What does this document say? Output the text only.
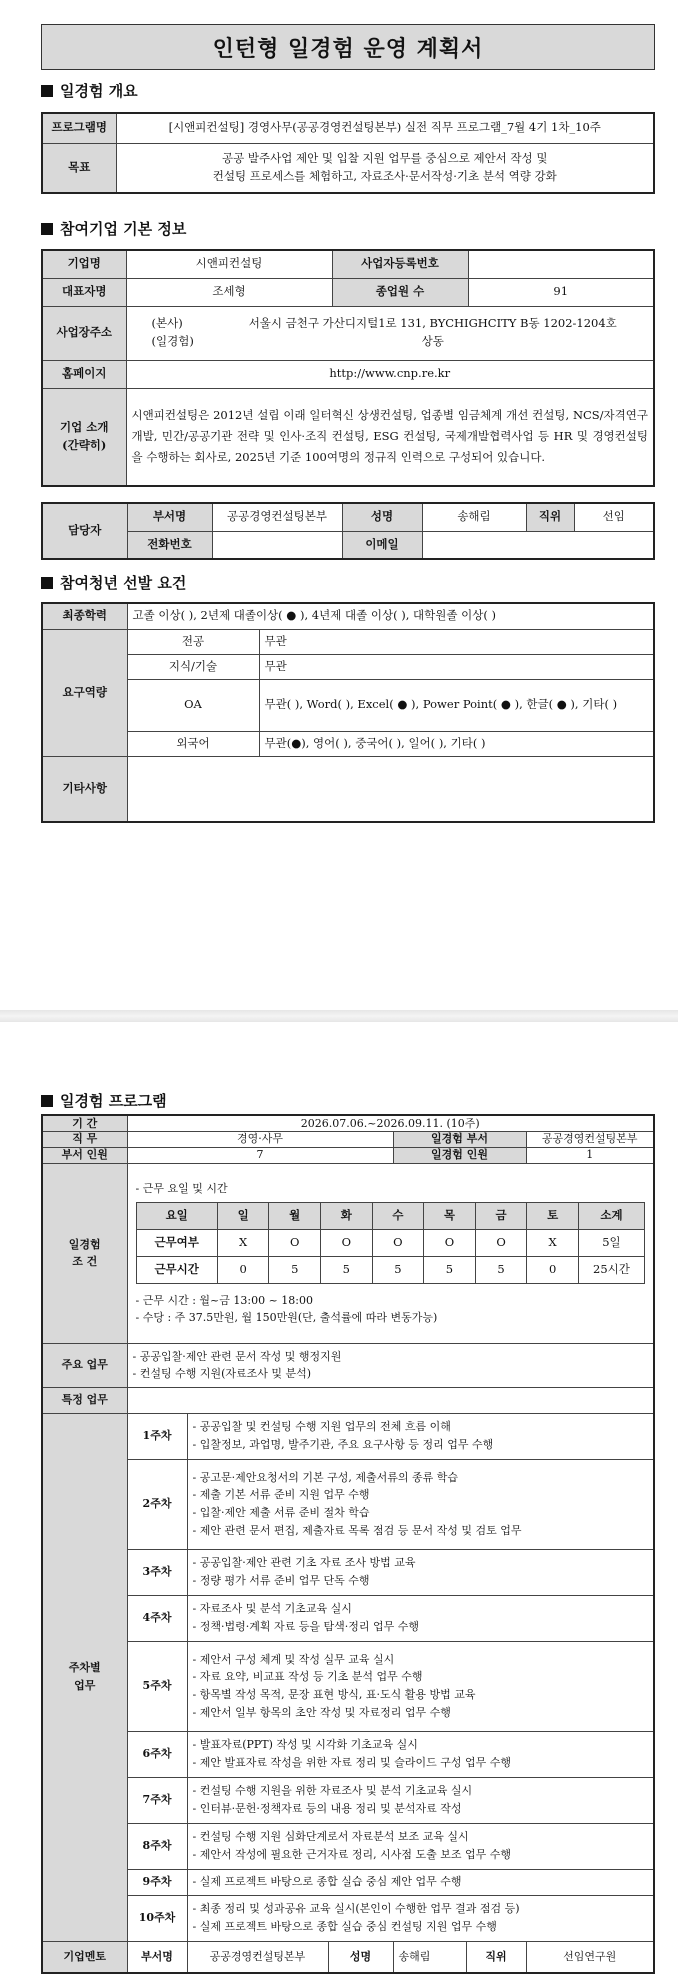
인턴형 일경험 운영 계획서
일경험 개요
프로그램명	[시앤피컨설팅] 경영사무(공공경영컨설팅본부) 실전 직무 프로그램_7월 4기 1차_10주
목표	공공 발주사업 제안 및 입찰 지원 업무를 중심으로 제안서 작성 및
컨설팅 프로세스를 체험하고, 자료조사·문서작성·기초 분석 역량 강화
참여기업 기본 정보
기업명	시앤피컨설팅	사업자등록번호	
대표자명	조세형	종업원 수	91
사업장주소	(본사) 서울시 금천구 가산디지털1로 131, BYCHIGHCITY B동 1202-1204호
(일경험) 상동		

홈페이지	http://www.cnp.re.kr		

기업 소개
(간략히)	시앤피컨설팅은 2012년 설립 이래 일터혁신 상생컨설팅, 업종별 임금체계 개선 컨설팅, NCS/자격연구개발, 민간/공공기관 전략 및 인사·조직 컨설팅, ESG 컨설팅, 국제개발협력사업 등 HR 및 경영컨설팅을 수행하는 회사로, 2025년 기준 100여명의 정규직 인력으로 구성되어 있습니다.		
담당자	부서명	공공경영컨설팅본부	성명	송해림	직위	선임
	전화번호		이메일			
참여청년 선발 요건
최종학력	고졸 이상( ), 2년제 대졸이상( ● ), 4년제 대졸 이상( ), 대학원졸 이상( )	
요구역량	전공	무관
	지식/기술	무관
	OA	무관( ), Word( ), Excel( ● ), Power Point( ● ), 한글( ● ), 기타( )
	외국어	무관(●), 영어( ), 중국어( ), 일어( ), 기타( )
기타사항		
일경험 프로그램
기 간	2026.07.06.~2026.09.11. (10주)
직 무	경영·사무	일경험 부서	공공경영컨설팅본부
부서 인원	7	일경험 인원	1

일경험
조 건

- 근무 요일 및 시간
요일	일	월	화	수	목	금	토	소계
근무여부	X	O	O	O	O	O	X	5일
근무시간	0	5	5	5	5	5	0	25시간
- 근무 시간 : 월~금 13:00 ~ 18:00
- 수당 : 주 37.5만원, 월 150만원(단, 출석률에 따라 변동가능)

주요 업무	
- 공공입찰·제안 관련 문서 작성 및 행정지원
- 컨설팅 수행 지원(자료조사 및 분석)

특정 업무	

주차별
업무
	1주차	
- 공공입찰 및 컨설팅 수행 지원 업무의 전체 흐름 이해
- 입찰정보, 과업명, 발주기관, 주요 요구사항 등 정리 업무 수행

2주차	
- 공고문·제안요청서의 기본 구성, 제출서류의 종류 학습
- 제출 기본 서류 준비 지원 업무 수행
- 입찰·제안 제출 서류 준비 절차 학습
- 제안 관련 문서 편집, 제출자료 목록 점검 등 문서 작성 및 검토 업무

3주차	
- 공공입찰·제안 관련 기초 자료 조사 방법 교육
- 정량 평가 서류 준비 업무 단독 수행

4주차	
- 자료조사 및 분석 기초교육 실시
- 정책·법령·계획 자료 등을 탐색·정리 업무 수행

5주차	
- 제안서 구성 체계 및 작성 실무 교육 실시
- 자료 요약, 비교표 작성 등 기초 분석 업무 수행
- 항목별 작성 목적, 문장 표현 방식, 표·도식 활용 방법 교육
- 제안서 일부 항목의 초안 작성 및 자료정리 업무 수행

6주차	
- 발표자료(PPT) 작성 및 시각화 기초교육 실시
- 제안 발표자료 작성을 위한 자료 정리 및 슬라이드 구성 업무 수행

7주차	
- 컨설팅 수행 지원을 위한 자료조사 및 분석 기초교육 실시
- 인터뷰·문헌·정책자료 등의 내용 정리 및 분석자료 작성

8주차	
- 컨설팅 수행 지원 심화단계로서 자료분석 보조 교육 실시
- 제안서 작성에 필요한 근거자료 정리, 시사점 도출 보조 업무 수행

9주차	- 실제 프로젝트 바탕으로 종합 실습 중심 제안 업무 수행

10주차	
- 최종 정리 및 성과공유 교육 실시(본인이 수행한 업무 결과 점검 등)
- 실제 프로젝트 바탕으로 종합 실습 중심 컨설팅 지원 업무 수행

기업멘토	부서명	공공경영컨설팅본부	성명	송해림	직위	선임연구원
